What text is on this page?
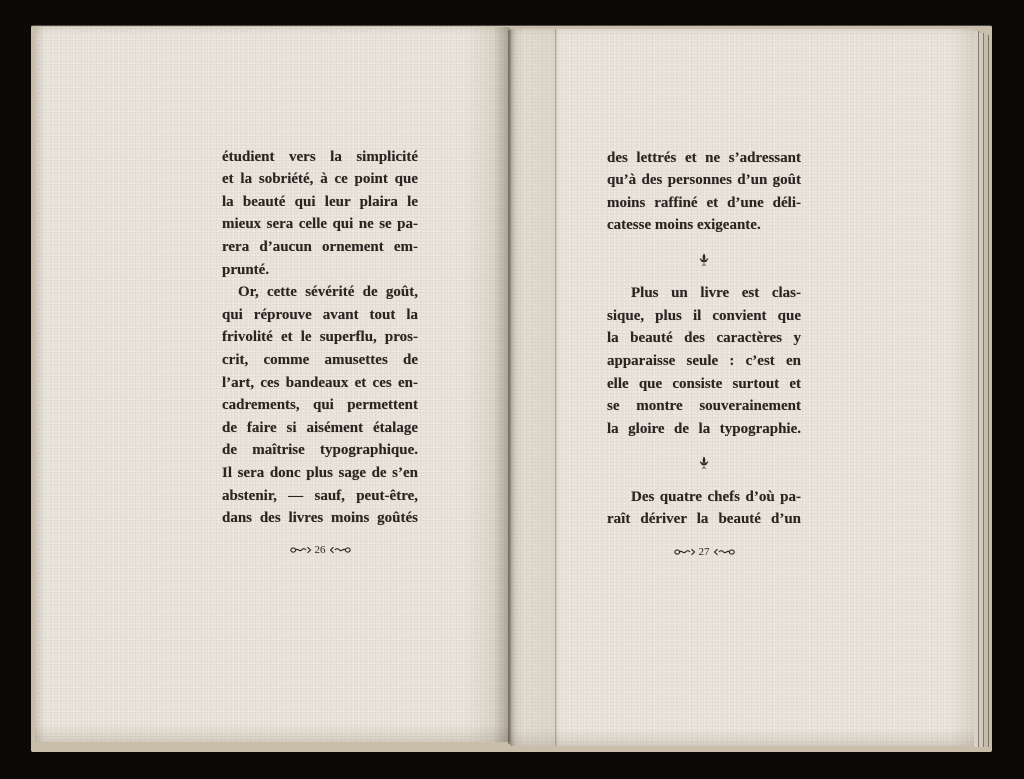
étudient vers la simplicité
et la sobriété, à ce point que
la beauté qui leur plaira le
mieux sera celle qui ne se pa-
rera d’aucun ornement em-
prunté.
Or, cette sévérité de goût,
qui réprouve avant tout la
frivolité et le superflu, pros-
crit, comme amusettes de
l’art, ces bandeaux et ces en-
cadrements, qui permettent
de faire si aisément étalage
de maîtrise typographique.
Il sera donc plus sage de s’en
abstenir, — sauf, peut-être,
dans des livres moins goûtés
26
des lettrés et ne s’adressant
qu’à des personnes d’un goût
moins raffiné et d’une déli-
catesse moins exigeante.
Plus un livre est clas-
sique, plus il convient que
la beauté des caractères y
apparaisse seule : c’est en
elle que consiste surtout et
se montre souverainement
la gloire de la typographie.
Des quatre chefs d’où pa-
raît dériver la beauté d’un
27
